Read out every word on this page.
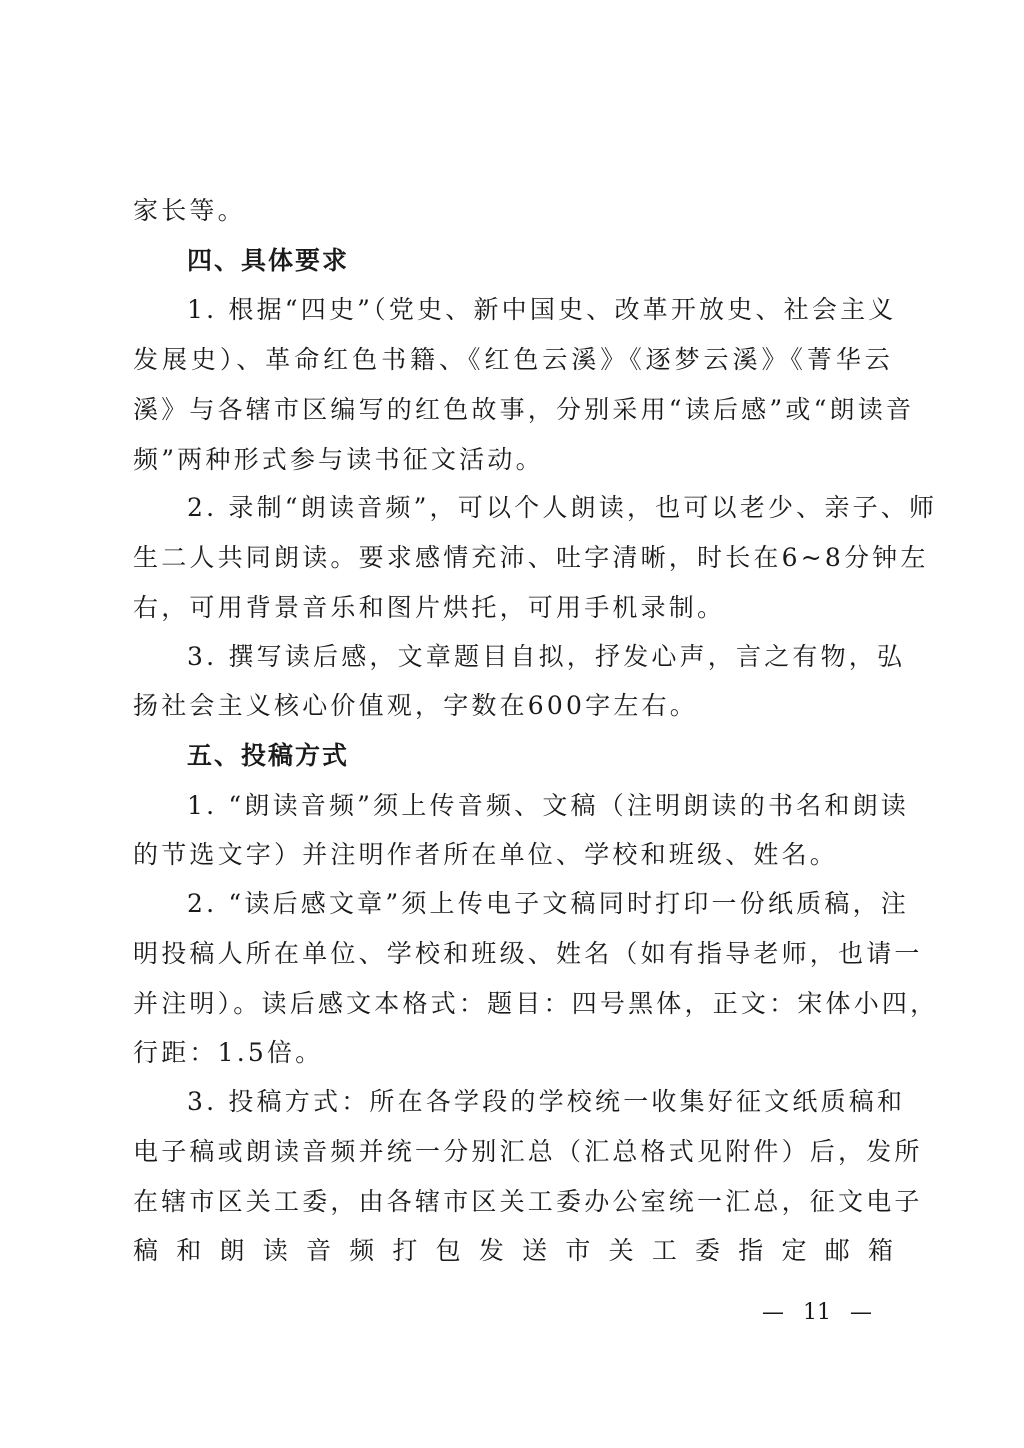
家长等。
四、具体要求
1. 根据“四史”（党史、新中国史、改革开放史、社会主义
发展史）、革命红色书籍、《红色云溪》《逐梦云溪》《菁华云
溪》与各辖市区编写的红色故事，分别采用“读后感”或“朗读音
频”两种形式参与读书征文活动。
2. 录制“朗读音频”，可以个人朗读，也可以老少、亲子、师
生二人共同朗读。要求感情充沛、吐字清晰，时长在6~8分钟左
右，可用背景音乐和图片烘托，可用手机录制。
3. 撰写读后感，文章题目自拟，抒发心声，言之有物，弘
扬社会主义核心价值观，字数在600字左右。
五、投稿方式
1. “朗读音频”须上传音频、文稿（注明朗读的书名和朗读
的节选文字）并注明作者所在单位、学校和班级、姓名。
2. “读后感文章”须上传电子文稿同时打印一份纸质稿，注
明投稿人所在单位、学校和班级、姓名（如有指导老师，也请一
并注明）。读后感文本格式：题目：四号黑体，正文：宋体小四，
行距：1.5倍。
3. 投稿方式：所在各学段的学校统一收集好征文纸质稿和
电子稿或朗读音频并统一分别汇总（汇总格式见附件）后，发所
在辖市区关工委，由各辖市区关工委办公室统一汇总，征文电子
稿和朗读音频打包发送市关工委指定邮箱
— 11 —
